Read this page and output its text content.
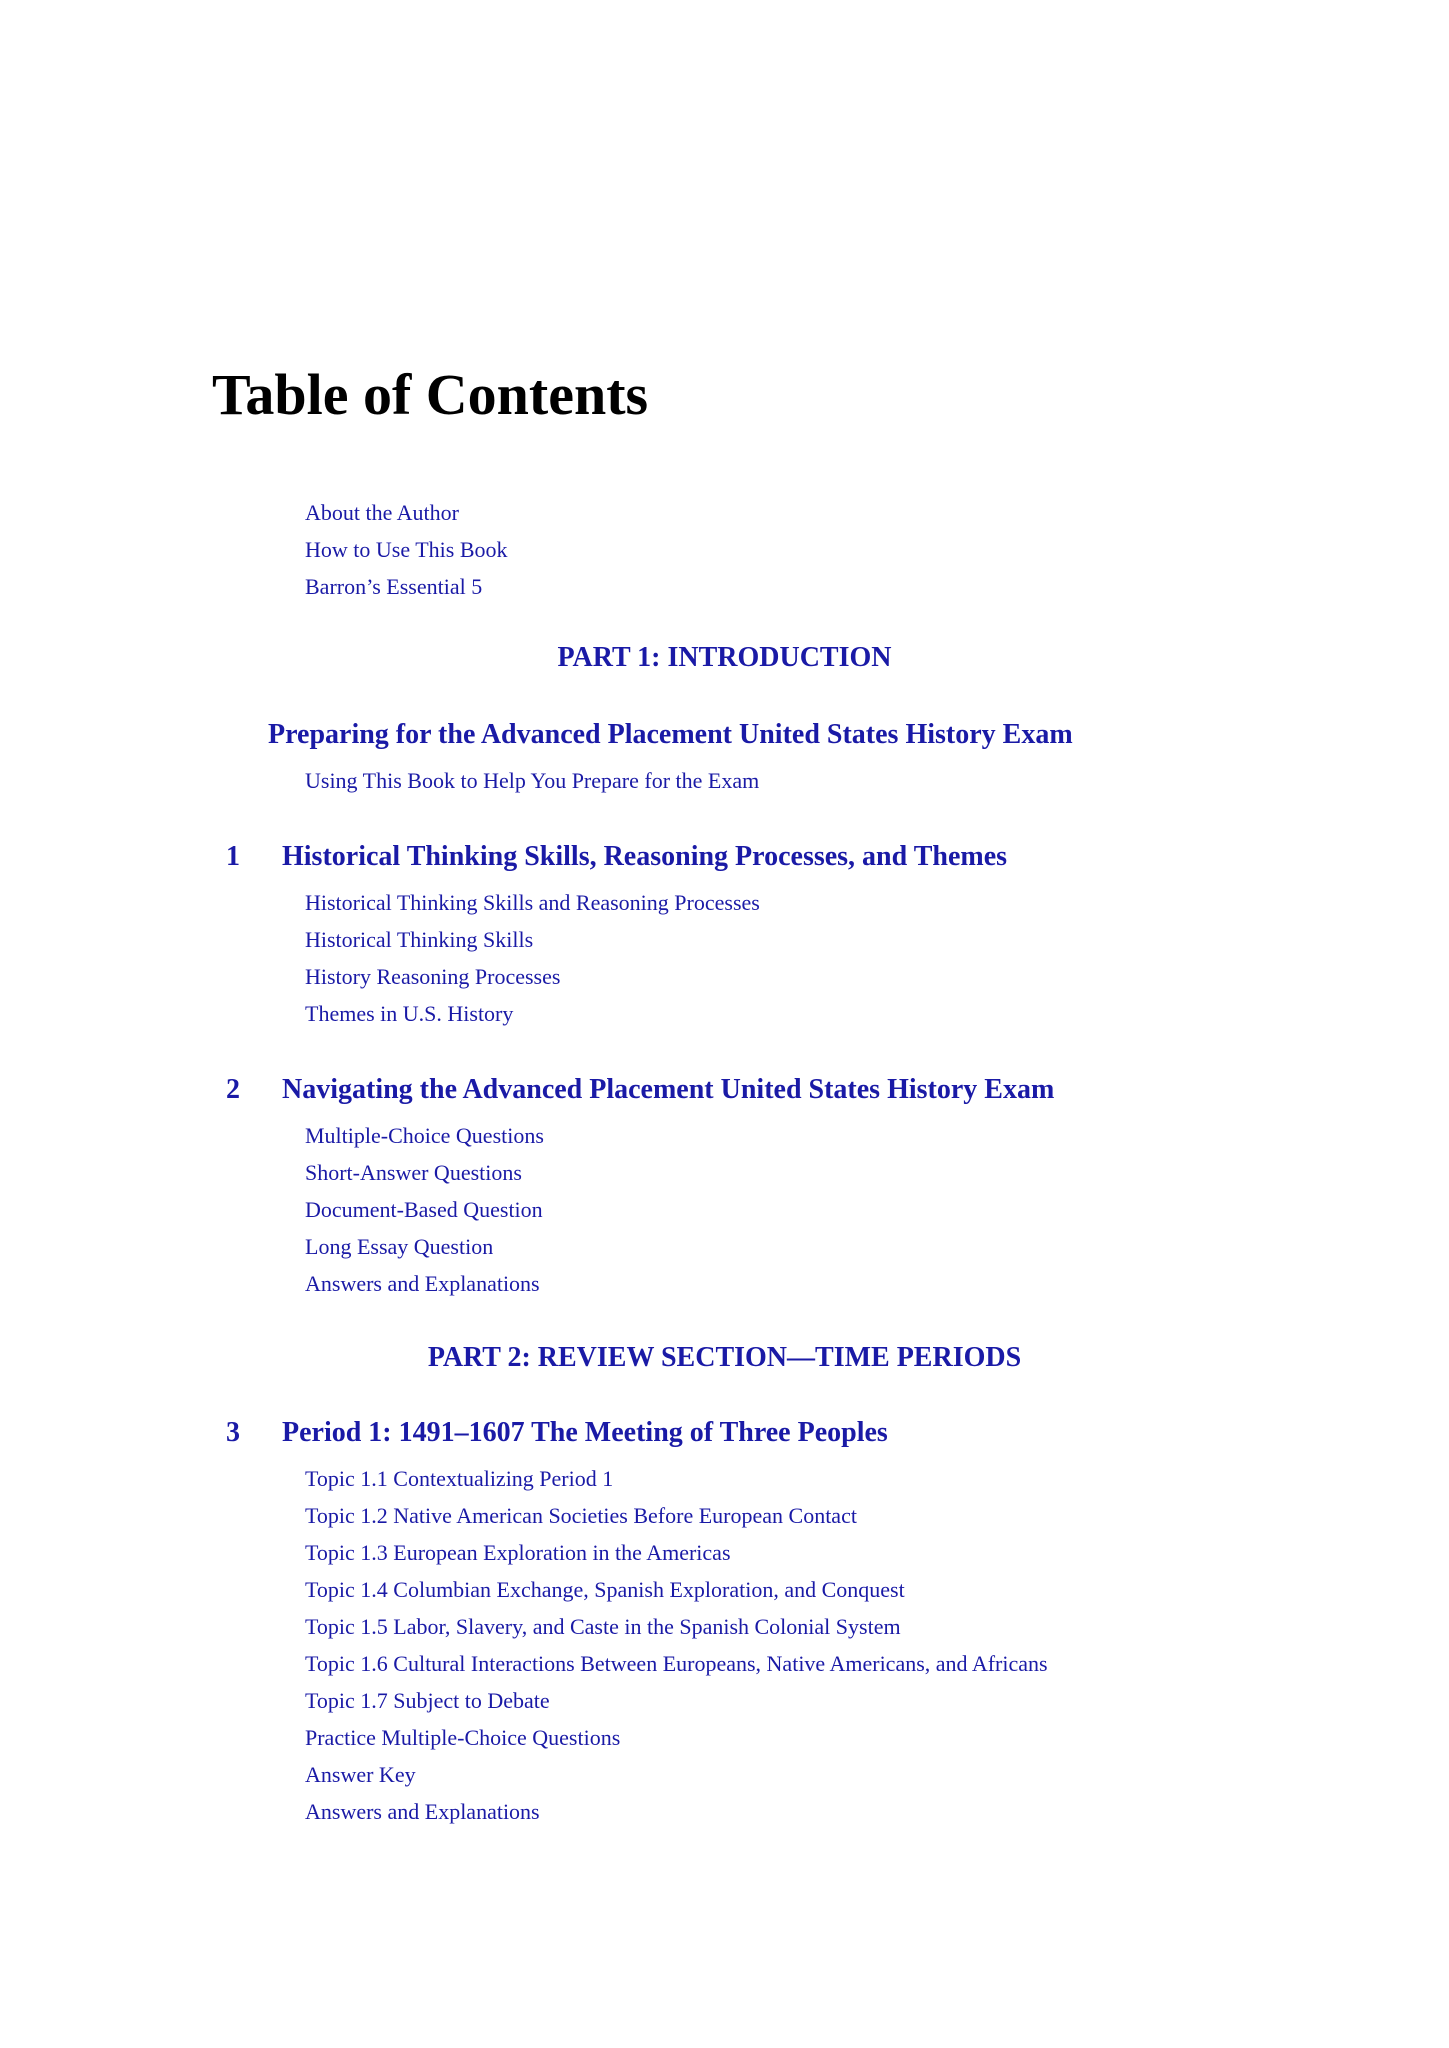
Table of Contents
About the Author
How to Use This Book
Barron’s Essential 5
PART 1: INTRODUCTION
Preparing for the Advanced Placement United States History Exam
Using This Book to Help You Prepare for the Exam
1 Historical Thinking Skills, Reasoning Processes, and Themes
Historical Thinking Skills and Reasoning Processes
Historical Thinking Skills
History Reasoning Processes
Themes in U.S. History
2 Navigating the Advanced Placement United States History Exam
Multiple-Choice Questions
Short-Answer Questions
Document-Based Question
Long Essay Question
Answers and Explanations
PART 2: REVIEW SECTION—TIME PERIODS
3 Period 1: 1491–1607 The Meeting of Three Peoples
Topic 1.1 Contextualizing Period 1
Topic 1.2 Native American Societies Before European Contact
Topic 1.3 European Exploration in the Americas
Topic 1.4 Columbian Exchange, Spanish Exploration, and Conquest
Topic 1.5 Labor, Slavery, and Caste in the Spanish Colonial System
Topic 1.6 Cultural Interactions Between Europeans, Native Americans, and Africans
Topic 1.7 Subject to Debate
Practice Multiple-Choice Questions
Answer Key
Answers and Explanations
